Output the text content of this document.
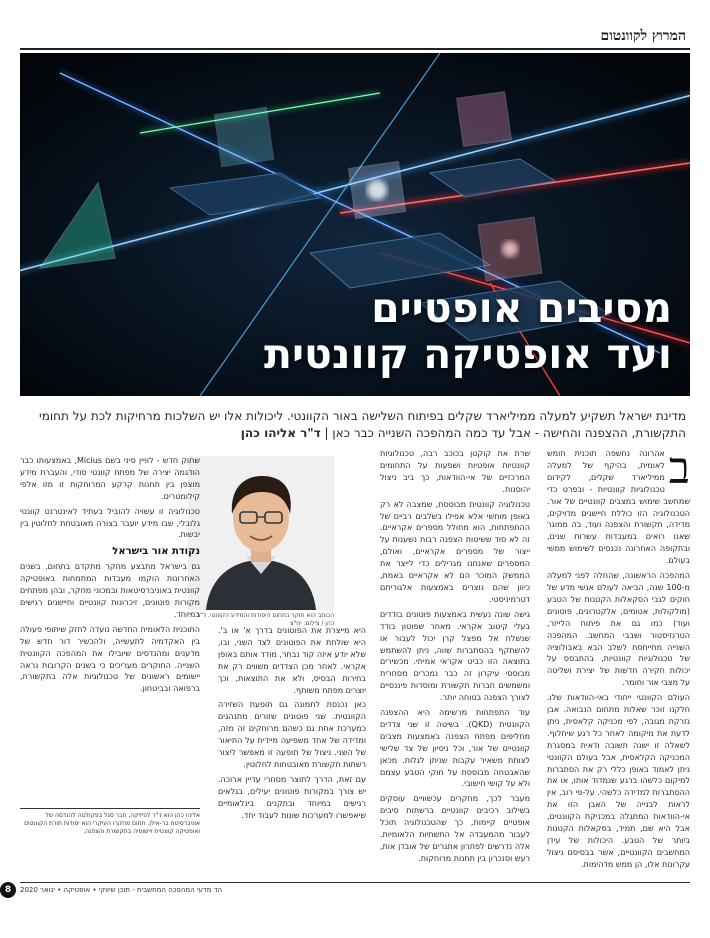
המרוץ לקוונטום
מסיבים אופטיים
ועד אופטיקה קוונטית
מדינת ישראל תשקיע למעלה ממיליארד שקלים בפיתוח השלישה באור הקוונטי. ליכולות אלו יש השלכות מרחיקות לכת על תחומי התקשורת, ההצפנה והחישה - אבל עד כמה המהפכה השנייה כבר כאן | ד"ר אליהו כהן
ב

אהרונה נחשפה תוכנית חומש לאומית, בהיקף של למעלה ממיליארד שקלים, לקידום טכנולוגיות קוונטיות - ובפרט כדי שמחשב שימוש במצבים קוונטיים של אור. הטכנולוגיה הזו כוללת חיישנים מדויקים, מדידה, תקשורת והצפנה ועוד, בה ממוגר שאנו רואים במעבדות עשרות שנים, ובתקופה האחרונה נכנסים לשימוש ממשי בעולם.

המהפכה הראשונה, שהחלה לפני למעלה מ-100 שנה, הביאה לעולם אנשי מדע של חוקים לגבי הסקאלות הקטנות של הטבע (מולקולות, אטומים, אלקטרונים, פוטונים ועוד) כמו גם את פיתוח הלייזר, הטרנזיסטור ושבבי המחשב. המהפכה השנייה מתייחסת לשלב הבא באבולוציה של טכנולוגיות קוונטיות, בהתבסס על יכולות חקירה חדשות של יצירת ושליטה על מצבי אור וחומר.

העולם הקוונטי ייחודי באי-הוודאות שלו. חלקנו זוכר שאלות מתחום הנבואה. אבן נזרקת מגובה, לפי מכניקה קלאסית, ניתן לדעת את מיקומה לאחר כל רגע שיחלוף. לשאלה זו ישנה תשובה ודאית במסגרת המכניקה הקלאסית, אבל בעולם הקוונטי ניתן לאמוד באופן כללי רק את הסתברות למיקום כלשהו ברגע שנמדוד אותו, או את ההסתברות למדידה כלשהי. על-פי רוב, אין לראות לבנייה של האבן הזו את אי-הוודאות המתגלה במכניקת הקוונטים, אבל היא שם, תמיד, בסקאלות הקטנות ביותר של הטבע. היכולות של עידן המחשבים הקוונטיים, אשר בבסיסם ניצול עקרונות אלו, הן ממש מדהימות.

שרת את קוקטן בכוכב רבה, טכנולוגיות קוונטיות אופטיות ושפעות על התחומים המרכזיים של אי-הוודאות, כך ביב ניצול יהוסנות.

טכנולוגיה קוונטית מבוססת, שמצבה לא רק באופן מוחשי אלא אפילו בשלבים רביים של ההתפתחות, הוא מחולל מספרים אקראיים. זה לא סוד ששיטות הצפנה רבות נשענות על ייצור של מספרים אקראיים, ואולם, המספרים שאנחנו מגרילים כדי לייצר את הממשק המוכר הם לא אקראיים באמת, כיוון שהם נוצרים באמצעות אלגוריתם דטרמיניסטי.

גישה שונה נעשית באמצעות פוטונים בודדים בעלי קיטוב אקראי. מאחר שפוטון בודד שנשלח אל מפצל קרן יכול לעבור או להשתקף בהסתברות שווה, ניתן להשתמש בתוצאה הזו כביט אקראי אמיתי. מכשירים מבוססי עיקרון זה כבר נמכרים מסחרית ומשמשים חברות תקשורת ומוסדות פיננסיים לצורך הצפנה בטוחה יותר.

עוד התפתחות מרשימה היא ההצפנה הקוונטית (QKD). בשיטה זו שני צדדים מחליפים מפתח הצפנה באמצעות מצבים קוונטיים של אור, וכל ניסיון של צד שלישי לצותת משאיר עקבות שניתן לגלות. מכאן שהאבטחה מבוססת על חוקי הטבע עצמם ולא על קושי חישובי.

מעבר לכך, מחקרים עכשוויים עוסקים בשילוב רכיבים קוונטיים ברשתות סיבים אופטיים קיימות, כך שהטכנולוגיה תוכל לעבור מהמעבדה אל התשתיות הלאומיות. אלה נדרשים לפתרון אתגרים של אובדן אות, רעש וסנכרון בין תחנות מרוחקות.

הכותב הוא חוקר בתחום היסודות והמידע הקוונטי. ד"ר כהן / צילום: יח"צ

היא מייצרת את הפוטונים בדרך א' או ב'. היא שולחת את הפוטונים לצד השני, ובו, שלא יודע איזה קוד נבחר, מודד אותם באופן אקראי. לאחר מכן הצדדים משווים רק את בחירות הבסיס, ולא את התוצאות, וכך יוצרים מפתח משותף.

כאן נכנסת לתמונה גם תופעת השזירה הקוונטית. שני פוטונים שזורים מתנהגים כמערכת אחת גם כשהם מרוחקים זה מזה, ומדידה של אחד משפיעה מיידית על התיאור של השני. ניצול של תופעה זו מאפשר ליצור רשתות תקשורת מאובטחות לחלוטין.

עם זאת, הדרך לתוצר מסחרי עדיין ארוכה. יש צורך במקורות פוטונים יעילים, בגלאים רגישים במיוחד ובתקנים בינלאומיים שיאפשרו למערכות שונות לעבוד יחד.

שתוק חדש - לוויין סיני בשם Micius, באמצעותו כבר הודגמה יצירה של מפתח קוונטי סודי, והעברת מידע מוצפן בין תחנות קרקע המרוחקות זו מזו אלפי קילומטרים.

טכנולוגיה זו עשויה להוביל בעתיד לאינטרנט קוונטי גלובלי, שבו מידע יועבר בצורה מאובטחת לחלוטין בין יבשות.

נקודת אור בישראל

גם בישראל מתבצע מחקר מתקדם בתחום. בשנים האחרונות הוקמו מעבדות המתמחות באופטיקה קוונטית באוניברסיטאות ובמכוני מחקר, ובהן מפתחים מקורות פוטונים, זיכרונות קוונטיים וחיישנים רגישים במיוחד.

התוכנית הלאומית החדשה נועדה לחזק שיתופי פעולה בין האקדמיה לתעשייה, ולהכשיר דור חדש של מדענים ומהנדסים שיובילו את המהפכה הקוונטית השנייה. החוקרים מעריכים כי בשנים הקרובות נראה יישומים ראשונים של טכנולוגיות אלה בתקשורת, ברפואה ובביטחון.

אליהו כהן הוא ד"ר לפיזיקה, חבר סגל בפקולטה להנדסה של אוניברסיטת בר-אילן. תחום מחקרו העיקרי הוא יסודות תורת הקוונטים ואופטיקה קוונטית ויישומיה בתקשורת והצפנה.
הד מדעי המהפכה המחשבית - תוכן שיווקי • אופטיקה • ינואר 2020
8
